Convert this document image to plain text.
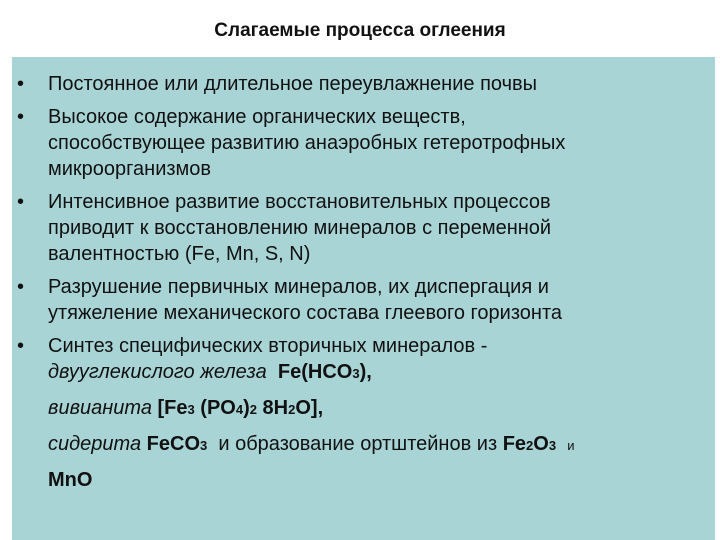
Слагаемые процесса оглеения
• Постоянное или длительное переувлажнение почвы
• Высокое содержание органических веществ,
способствующее развитию анаэробных гетеротрофных
микроорганизмов
• Интенсивное развитие восстановительных процессов
приводит к восстановлению минералов с переменной
валентностью (Fe, Mn, S, N)
• Разрушение первичных минералов, их диспергация и
утяжеление механического состава глеевого горизонта
• Синтез специфических вторичных минералов -
двууглекислого железа Fe(HCO3),
вивианита [Fe3 (PO4)2 8H2O],
сидерита FeCO3 и образование ортштейнов из Fe2O3 и
MnO
